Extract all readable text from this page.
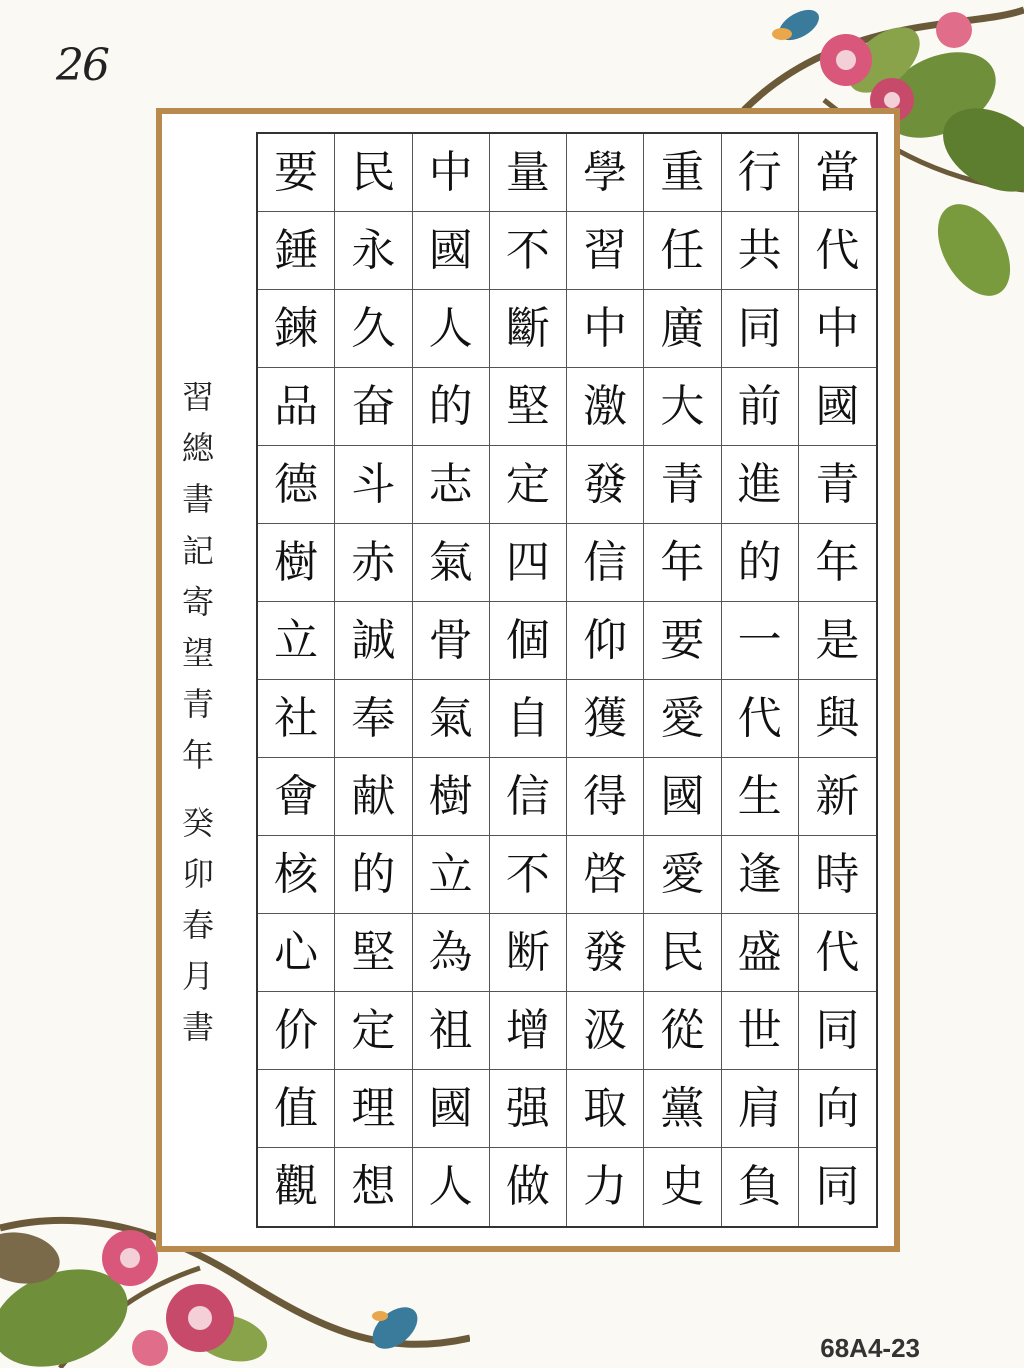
26
要 民 中 量 學 重 行 當
錘 永 國 不 習 任 共 代
鍊 久 人 斷 中 廣 同 中
品 奋 的 堅 激 大 前 國
德 斗 志 定 發 青 進 青
樹 赤 氣 四 信 年 的 年
立 誠 骨 個 仰 要 一 是
社 奉 氣 自 獲 愛 代 與
會 献 樹 信 得 國 生 新
核 的 立 不 啓 愛 逢 時
心 堅 為 断 發 民 盛 代
价 定 祖 增 汲 從 世 同
值 理 國 强 取 黨 肩 向
觀 想 人 做 力 史 負 同
習
總
書
記
寄
望
青
年
癸
卯
春
月
書
68A4-23
